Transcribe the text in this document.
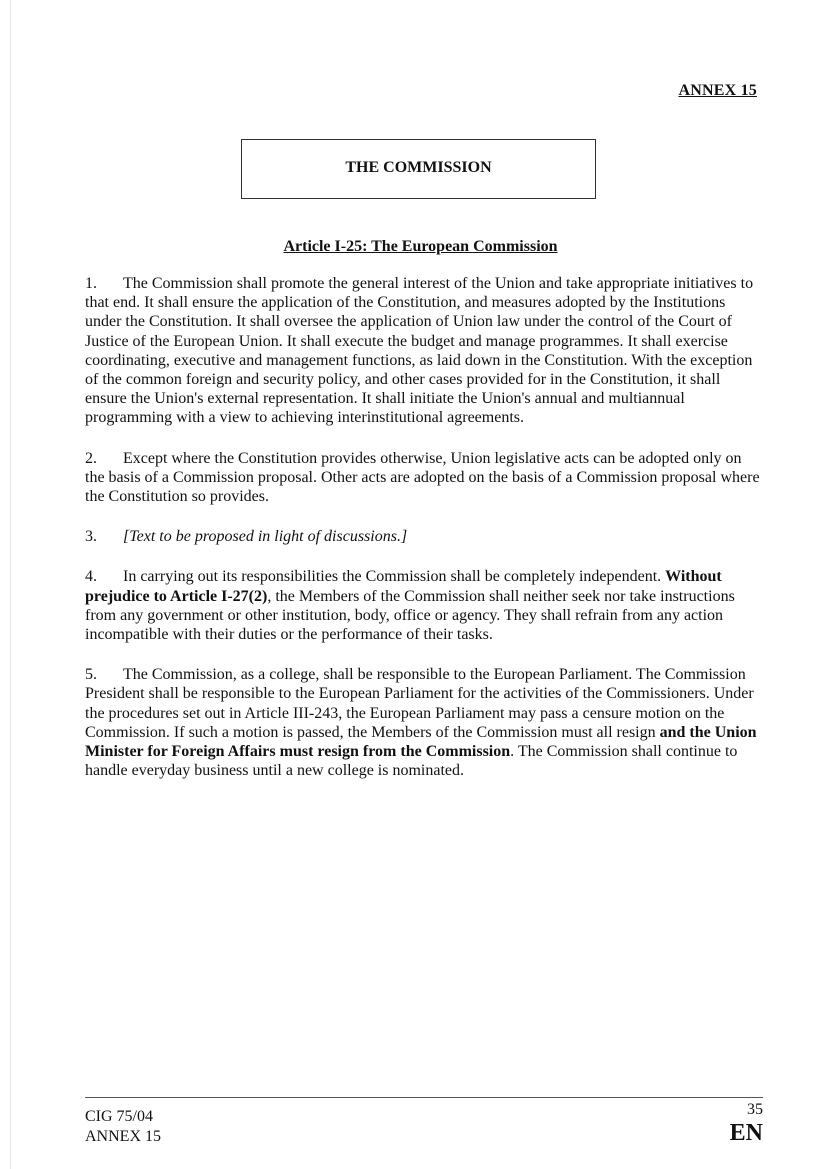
ANNEX 15
THE COMMISSION
Article I-25: The European Commission

1. The Commission shall promote the general interest of the Union and take appropriate initiatives to that end. It shall ensure the application of the Constitution, and measures adopted by the Institutions under the Constitution. It shall oversee the application of Union law under the control of the Court of Justice of the European Union. It shall execute the budget and manage programmes. It shall exercise coordinating, executive and management functions, as laid down in the Constitution. With the exception of the common foreign and security policy, and other cases provided for in the Constitution, it shall ensure the Union's external representation. It shall initiate the Union's annual and multiannual programming with a view to achieving interinstitutional agreements.

2. Except where the Constitution provides otherwise, Union legislative acts can be adopted only on the basis of a Commission proposal. Other acts are adopted on the basis of a Commission proposal where the Constitution so provides.

3. [Text to be proposed in light of discussions.]

4. In carrying out its responsibilities the Commission shall be completely independent. Without prejudice to Article I-27(2), the Members of the Commission shall neither seek nor take instructions from any government or other institution, body, office or agency. They shall refrain from any action incompatible with their duties or the performance of their tasks.

5. The Commission, as a college, shall be responsible to the European Parliament. The Commission President shall be responsible to the European Parliament for the activities of the Commissioners. Under the procedures set out in Article III-243, the European Parliament may pass a censure motion on the Commission. If such a motion is passed, the Members of the Commission must all resign and the Union Minister for Foreign Affairs must resign from the Commission. The Commission shall continue to handle everyday business until a new college is nominated.

CIG 75/04
ANNEX 15
35
EN
